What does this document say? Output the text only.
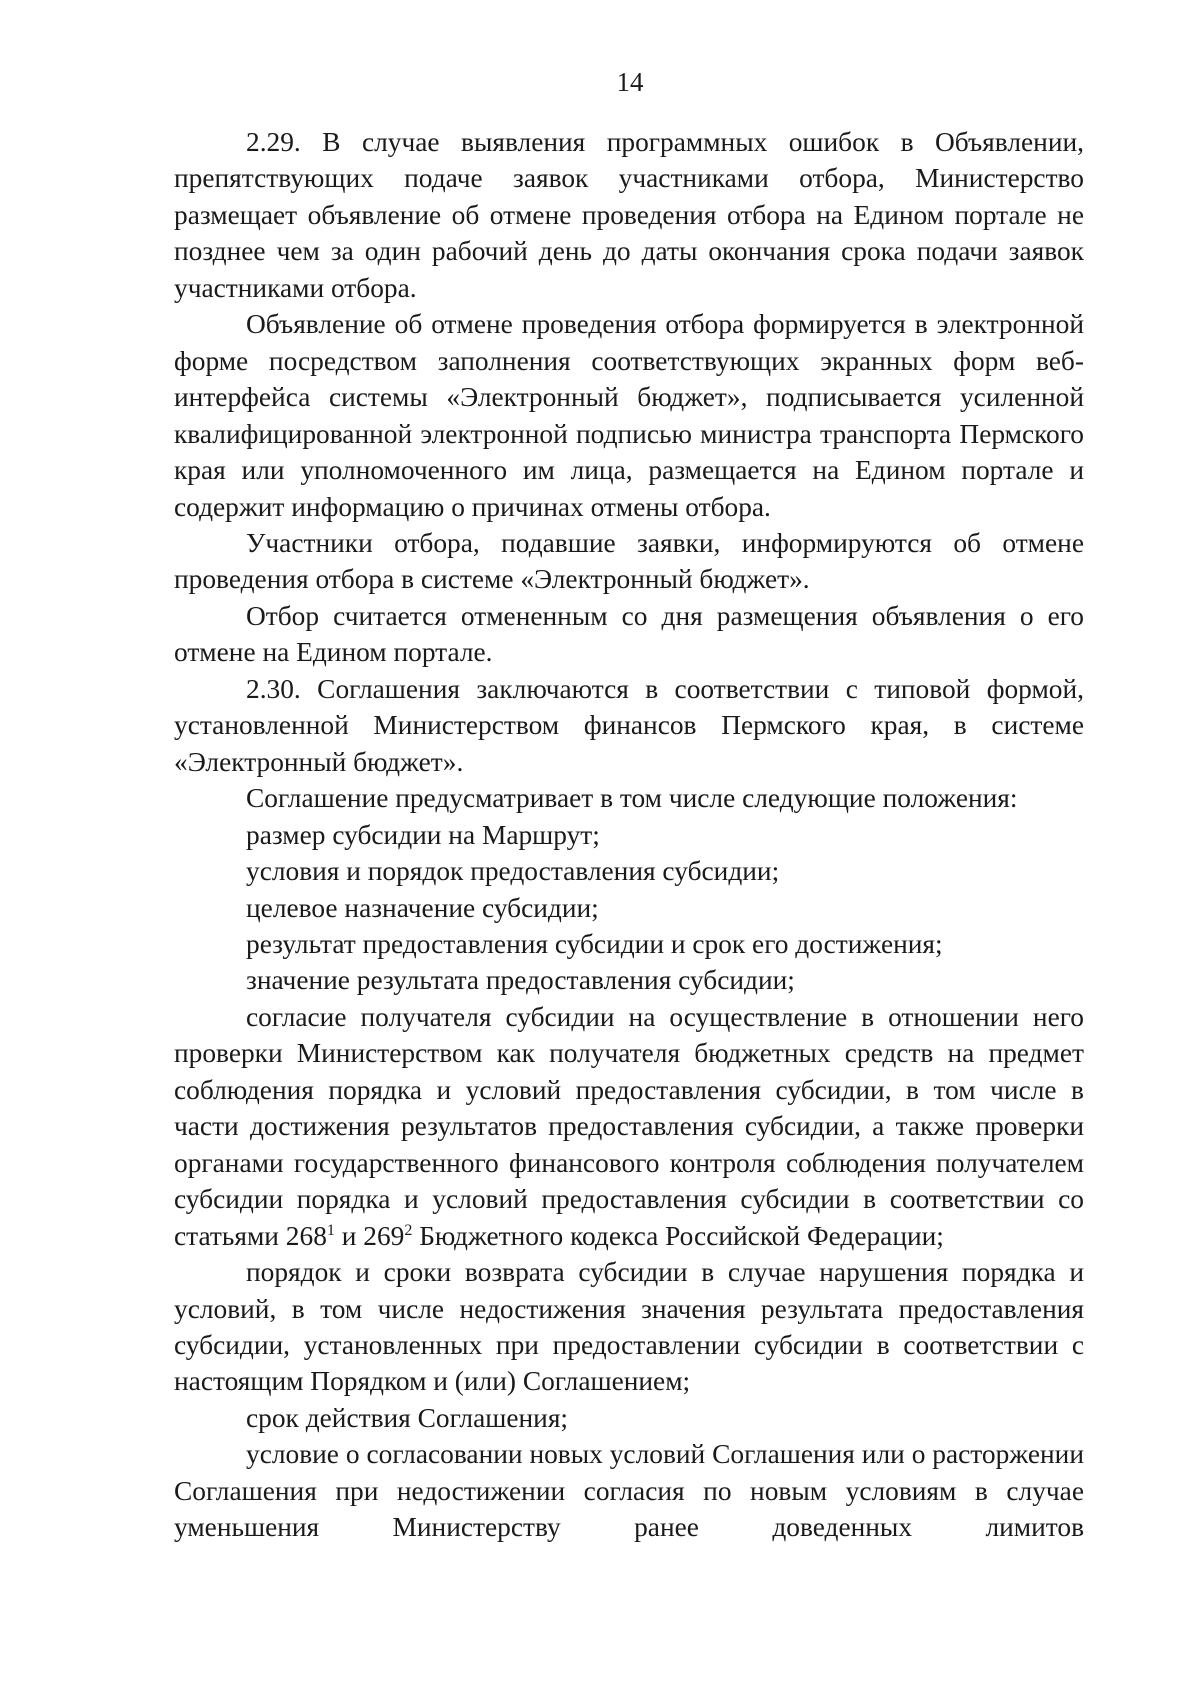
14

2.29. В случае выявления программных ошибок в Объявлении, препятствующих подаче заявок участниками отбора, Министерство размещает объявление об отмене проведения отбора на Едином портале не позднее чем за один рабочий день до даты окончания срока подачи заявок участниками отбора.

Объявление об отмене проведения отбора формируется в электронной форме посредством заполнения соответствующих экранных форм веб-интерфейса системы «Электронный бюджет», подписывается усиленной квалифицированной электронной подписью министра транспорта Пермского края или уполномоченного им лица, размещается на Едином портале и содержит информацию о причинах отмены отбора.

Участники отбора, подавшие заявки, информируются об отмене проведения отбора в системе «Электронный бюджет».

Отбор считается отмененным со дня размещения объявления о его отмене на Едином портале.

2.30. Соглашения заключаются в соответствии с типовой формой, установленной Министерством финансов Пермского края, в системе «Электронный бюджет».

Соглашение предусматривает в том числе следующие положения:

размер субсидии на Маршрут;

условия и порядок предоставления субсидии;

целевое назначение субсидии;

результат предоставления субсидии и срок его достижения;

значение результата предоставления субсидии;

согласие получателя субсидии на осуществление в отношении него проверки Министерством как получателя бюджетных средств на предмет соблюдения порядка и условий предоставления субсидии, в том числе в части достижения результатов предоставления субсидии, а также проверки органами государственного финансового контроля соблюдения получателем субсидии порядка и условий предоставления субсидии в соответствии со статьями $268^1$ и $269^2$ Бюджетного кодекса Российской Федерации;

порядок и сроки возврата субсидии в случае нарушения порядка и условий, в том числе недостижения значения результата предоставления субсидии, установленных при предоставлении субсидии в соответствии с настоящим Порядком и (или) Соглашением;

срок действия Соглашения;

условие о согласовании новых условий Соглашения или о расторжении Соглашения при недостижении согласия по новым условиям в случае уменьшения Министерству ранее доведенных лимитов
